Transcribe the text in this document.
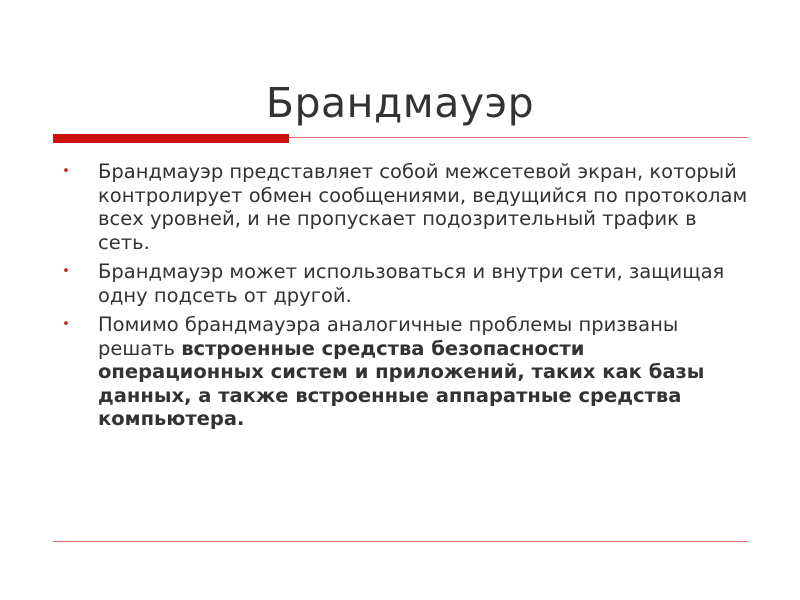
Брандмауэр
• Брандмауэр представляет собой межсетевой экран, который контролирует обмен сообщениями, ведущийся по протоколам всех уровней, и не пропускает подозрительный трафик в сеть.
• Брандмауэр может использоваться и внутри сети, защищая одну подсеть от другой.
• Помимо брандмауэра аналогичные проблемы призваны решать встроенные средства безопасности операционных систем и приложений, таких как базы данных, а также встроенные аппаратные средства компьютера.
